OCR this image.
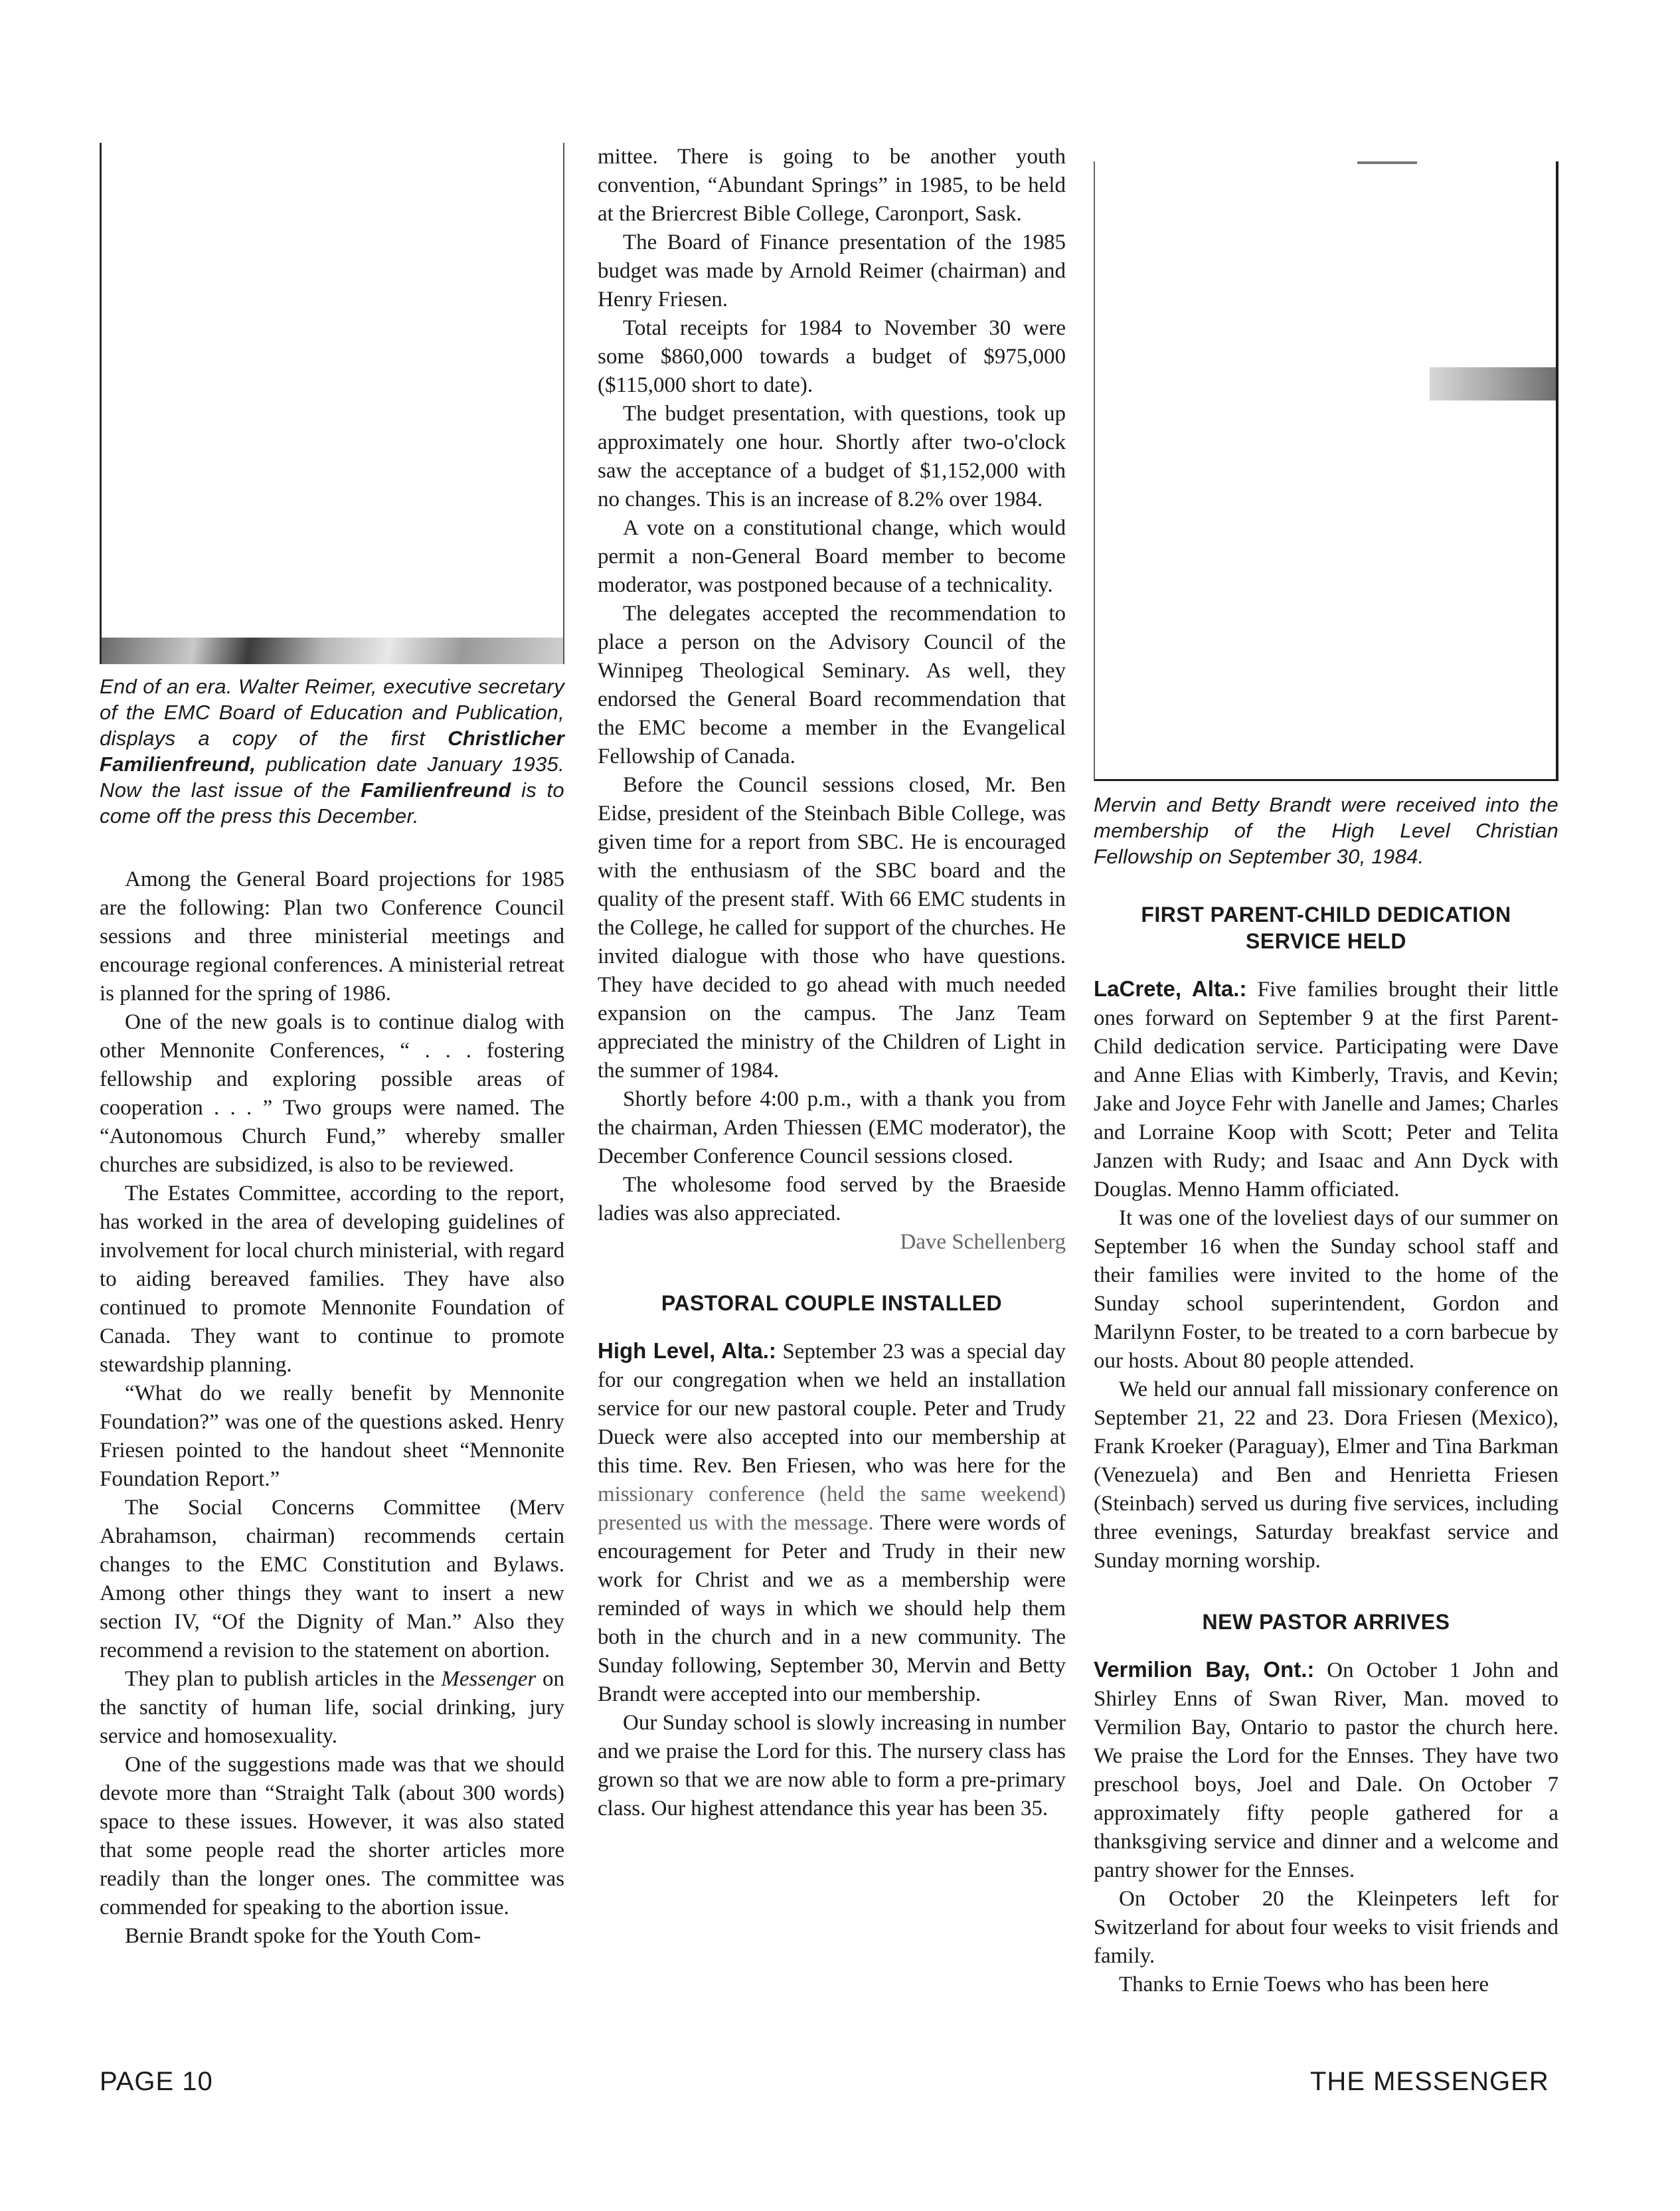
End of an era. Walter Reimer, executive secretary of the EMC Board of Education and Publication, displays a copy of the first Christlicher Familienfreund, publication date January 1935. Now the last issue of the Familienfreund is to come off the press this December.

Among the General Board projections for 1985 are the following: Plan two Conference Council sessions and three ministerial meetings and encourage regional conferences. A ministerial retreat is planned for the spring of 1986.

One of the new goals is to continue dialog with other Mennonite Conferences, “ . . . fostering fellowship and exploring possible areas of cooperation . . . ” Two groups were named. The “Autonomous Church Fund,” whereby smaller churches are subsidized, is also to be reviewed.

The Estates Committee, according to the report, has worked in the area of developing guidelines of involvement for local church ministerial, with regard to aiding bereaved families. They have also continued to promote Mennonite Foundation of Canada. They want to continue to promote stewardship planning.

“What do we really benefit by Mennonite Foundation?” was one of the questions asked. Henry Friesen pointed to the handout sheet “Mennonite Foundation Report.”

The Social Concerns Committee (Merv Abrahamson, chairman) recommends certain changes to the EMC Constitution and Bylaws. Among other things they want to insert a new section IV, “Of the Dignity of Man.” Also they recommend a revision to the statement on abortion.

They plan to publish articles in the Messenger on the sanctity of human life, social drinking, jury service and homosexuality.

One of the suggestions made was that we should devote more than “Straight Talk (about 300 words) space to these issues. However, it was also stated that some people read the shorter articles more readily than the longer ones. The committee was commended for speaking to the abortion issue.

Bernie Brandt spoke for the Youth Com-

mittee. There is going to be another youth convention, “Abundant Springs” in 1985, to be held at the Briercrest Bible College, Caronport, Sask.

The Board of Finance presentation of the 1985 budget was made by Arnold Reimer (chairman) and Henry Friesen.

Total receipts for 1984 to November 30 were some $860,000 towards a budget of $975,000 ($115,000 short to date).

The budget presentation, with questions, took up approximately one hour. Shortly after two-o'clock saw the acceptance of a budget of $1,152,000 with no changes. This is an increase of 8.2% over 1984.

A vote on a constitutional change, which would permit a non-General Board member to become moderator, was postponed because of a technicality.

The delegates accepted the recommendation to place a person on the Advisory Council of the Winnipeg Theological Seminary. As well, they endorsed the General Board recommendation that the EMC become a member in the Evangelical Fellowship of Canada.

Before the Council sessions closed, Mr. Ben Eidse, president of the Steinbach Bible College, was given time for a report from SBC. He is encouraged with the enthusiasm of the SBC board and the quality of the present staff. With 66 EMC students in the College, he called for support of the churches. He invited dialogue with those who have questions. They have decided to go ahead with much needed expansion on the campus. The Janz Team appreciated the ministry of the Children of Light in the summer of 1984.

Shortly before 4:00 p.m., with a thank you from the chairman, Arden Thiessen (EMC moderator), the December Conference Council sessions closed.

The wholesome food served by the Braeside ladies was also appreciated.

Dave Schellenberg

PASTORAL COUPLE INSTALLED

High Level, Alta.: September 23 was a special day for our congregation when we held an installation service for our new pastoral couple. Peter and Trudy Dueck were also accepted into our membership at this time. Rev. Ben Friesen, who was here for the missionary conference (held the same weekend) presented us with the message. There were words of encouragement for Peter and Trudy in their new work for Christ and we as a membership were reminded of ways in which we should help them both in the church and in a new community. The Sunday following, September 30, Mervin and Betty Brandt were accepted into our membership.

Our Sunday school is slowly increasing in number and we praise the Lord for this. The nursery class has grown so that we are now able to form a pre-primary class. Our highest attendance this year has been 35.

Mervin and Betty Brandt were received into the membership of the High Level Christian Fellowship on September 30, 1984.

FIRST PARENT-CHILD DEDICATION SERVICE HELD

LaCrete, Alta.: Five families brought their little ones forward on September 9 at the first Parent-Child dedication service. Participating were Dave and Anne Elias with Kimberly, Travis, and Kevin; Jake and Joyce Fehr with Janelle and James; Charles and Lorraine Koop with Scott; Peter and Telita Janzen with Rudy; and Isaac and Ann Dyck with Douglas. Menno Hamm officiated.

It was one of the loveliest days of our summer on September 16 when the Sunday school staff and their families were invited to the home of the Sunday school superintendent, Gordon and Marilynn Foster, to be treated to a corn barbecue by our hosts. About 80 people attended.

We held our annual fall missionary conference on September 21, 22 and 23. Dora Friesen (Mexico), Frank Kroeker (Paraguay), Elmer and Tina Barkman (Venezuela) and Ben and Henrietta Friesen (Steinbach) served us during five services, including three evenings, Saturday breakfast service and Sunday morning worship.

NEW PASTOR ARRIVES

Vermilion Bay, Ont.: On October 1 John and Shirley Enns of Swan River, Man. moved to Vermilion Bay, Ontario to pastor the church here. We praise the Lord for the Ennses. They have two preschool boys, Joel and Dale. On October 7 approximately fifty people gathered for a thanksgiving service and dinner and a welcome and pantry shower for the Ennses.

On October 20 the Kleinpeters left for Switzerland for about four weeks to visit friends and family.

Thanks to Ernie Toews who has been here

PAGE 10	THE MESSENGER
